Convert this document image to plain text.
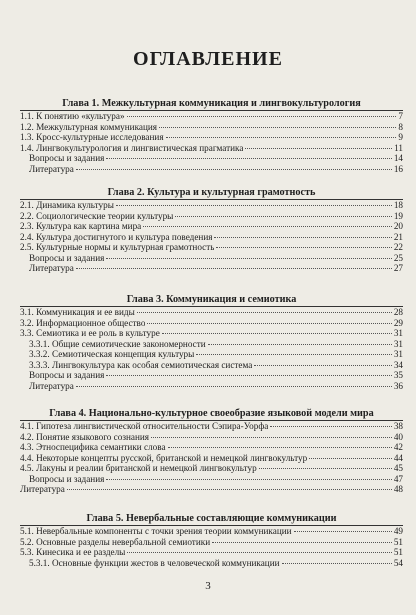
ОГЛАВЛЕНИЕ
Глава 1. Межкультурная коммуникация и лингвокультурология
1.1. К понятию «культура»	7
1.2. Межкультурная коммуникация	8
1.3. Кросс-культурные исследования	9
1.4. Лингвокультурология и лингвистическая прагматика	11
Вопросы и задания	14
Литература	16
Глава 2. Культура и культурная грамотность
2.1. Динамика культуры	18
2.2. Социологические теории культуры	19
2.3. Культура как картина мира	20
2.4. Культура достигнутого и культура поведения	21
2.5. Культурные нормы и культурная грамотность	22
Вопросы и задания	25
Литература	27
Глава 3. Коммуникация и семиотика
3.1. Коммуникация и ее виды	28
3.2. Информационное общество	29
3.3. Семиотика и ее роль в культуре	31
3.3.1. Общие семиотические закономерности	31
3.3.2. Семиотическая концепция культуры	31
3.3.3. Лингвокультура как особая семиотическая система	34
Вопросы и задания	35
Литература	36
Глава 4. Национально-культурное своеобразие языковой модели мира
4.1. Гипотеза лингвистической относительности Сэпира-Уорфа	38
4.2. Понятие языкового сознания	40
4.3. Этноспецифика семантики слова	42
4.4. Некоторые концепты русской, британской и немецкой лингвокультур	44
4.5. Лакуны и реалии британской и немецкой лингвокультур	45
Вопросы и задания	47
Литература	48
Глава 5. Невербальные составляющие коммуникации
5.1. Невербальные компоненты с точки зрения теории коммуникации	49
5.2. Основные разделы невербальной семиотики	51
5.3. Кинесика и ее разделы	51
5.3.1. Основные функции жестов в человеческой коммуникации	54
3
